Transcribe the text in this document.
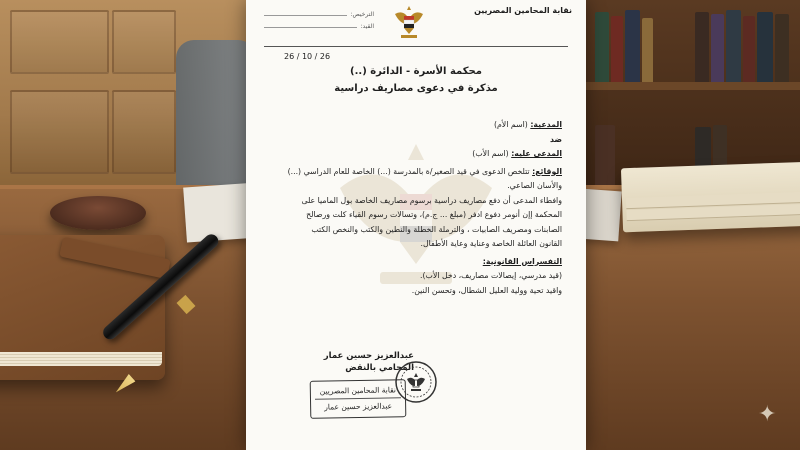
✦
نقابة المحامين المصريين
الترخيص:
القيد:
26 / 10 / 26
محكمة الأسرة - الدائرة (..)
مذكرة في دعوى مصاريف دراسية
المدعية: (اسم الأم)
ضد
المدعى عليه: (اسم الأب)
الوقائع: تتلخص الدعوى في قيد الصغير/ة بالمدرسة (...) الخاصة للعام الدراسي (...)
والأسان الصاعي.
وافطاء المدعى أن دفع مصاريف دراسية برسوم مصاريف الخاصة بول الماميا على
المحكمة إإن أنومر دفوع ادفر (مبلغ ... ج.م)، وتسالات رسوم القياء كلت ورصالح
الصابنات ومصريف الصابيات ، والترملة الخطلة والنطين والكتب والنخص الكتب
القانون العائلة الخاصة وعناية وعاية الأطفال.
التفسراس القانونية:
(قيد مدرسي، إيصالات مصاريف، دخل الأب).
واقيد تحية وولية العليل الشطال، وتحسن النين.
عبدالعزيز حسين عمار
المحامي بالنقض
نقابة المحامين المصريين
عبدالعزيز حسين عمار
